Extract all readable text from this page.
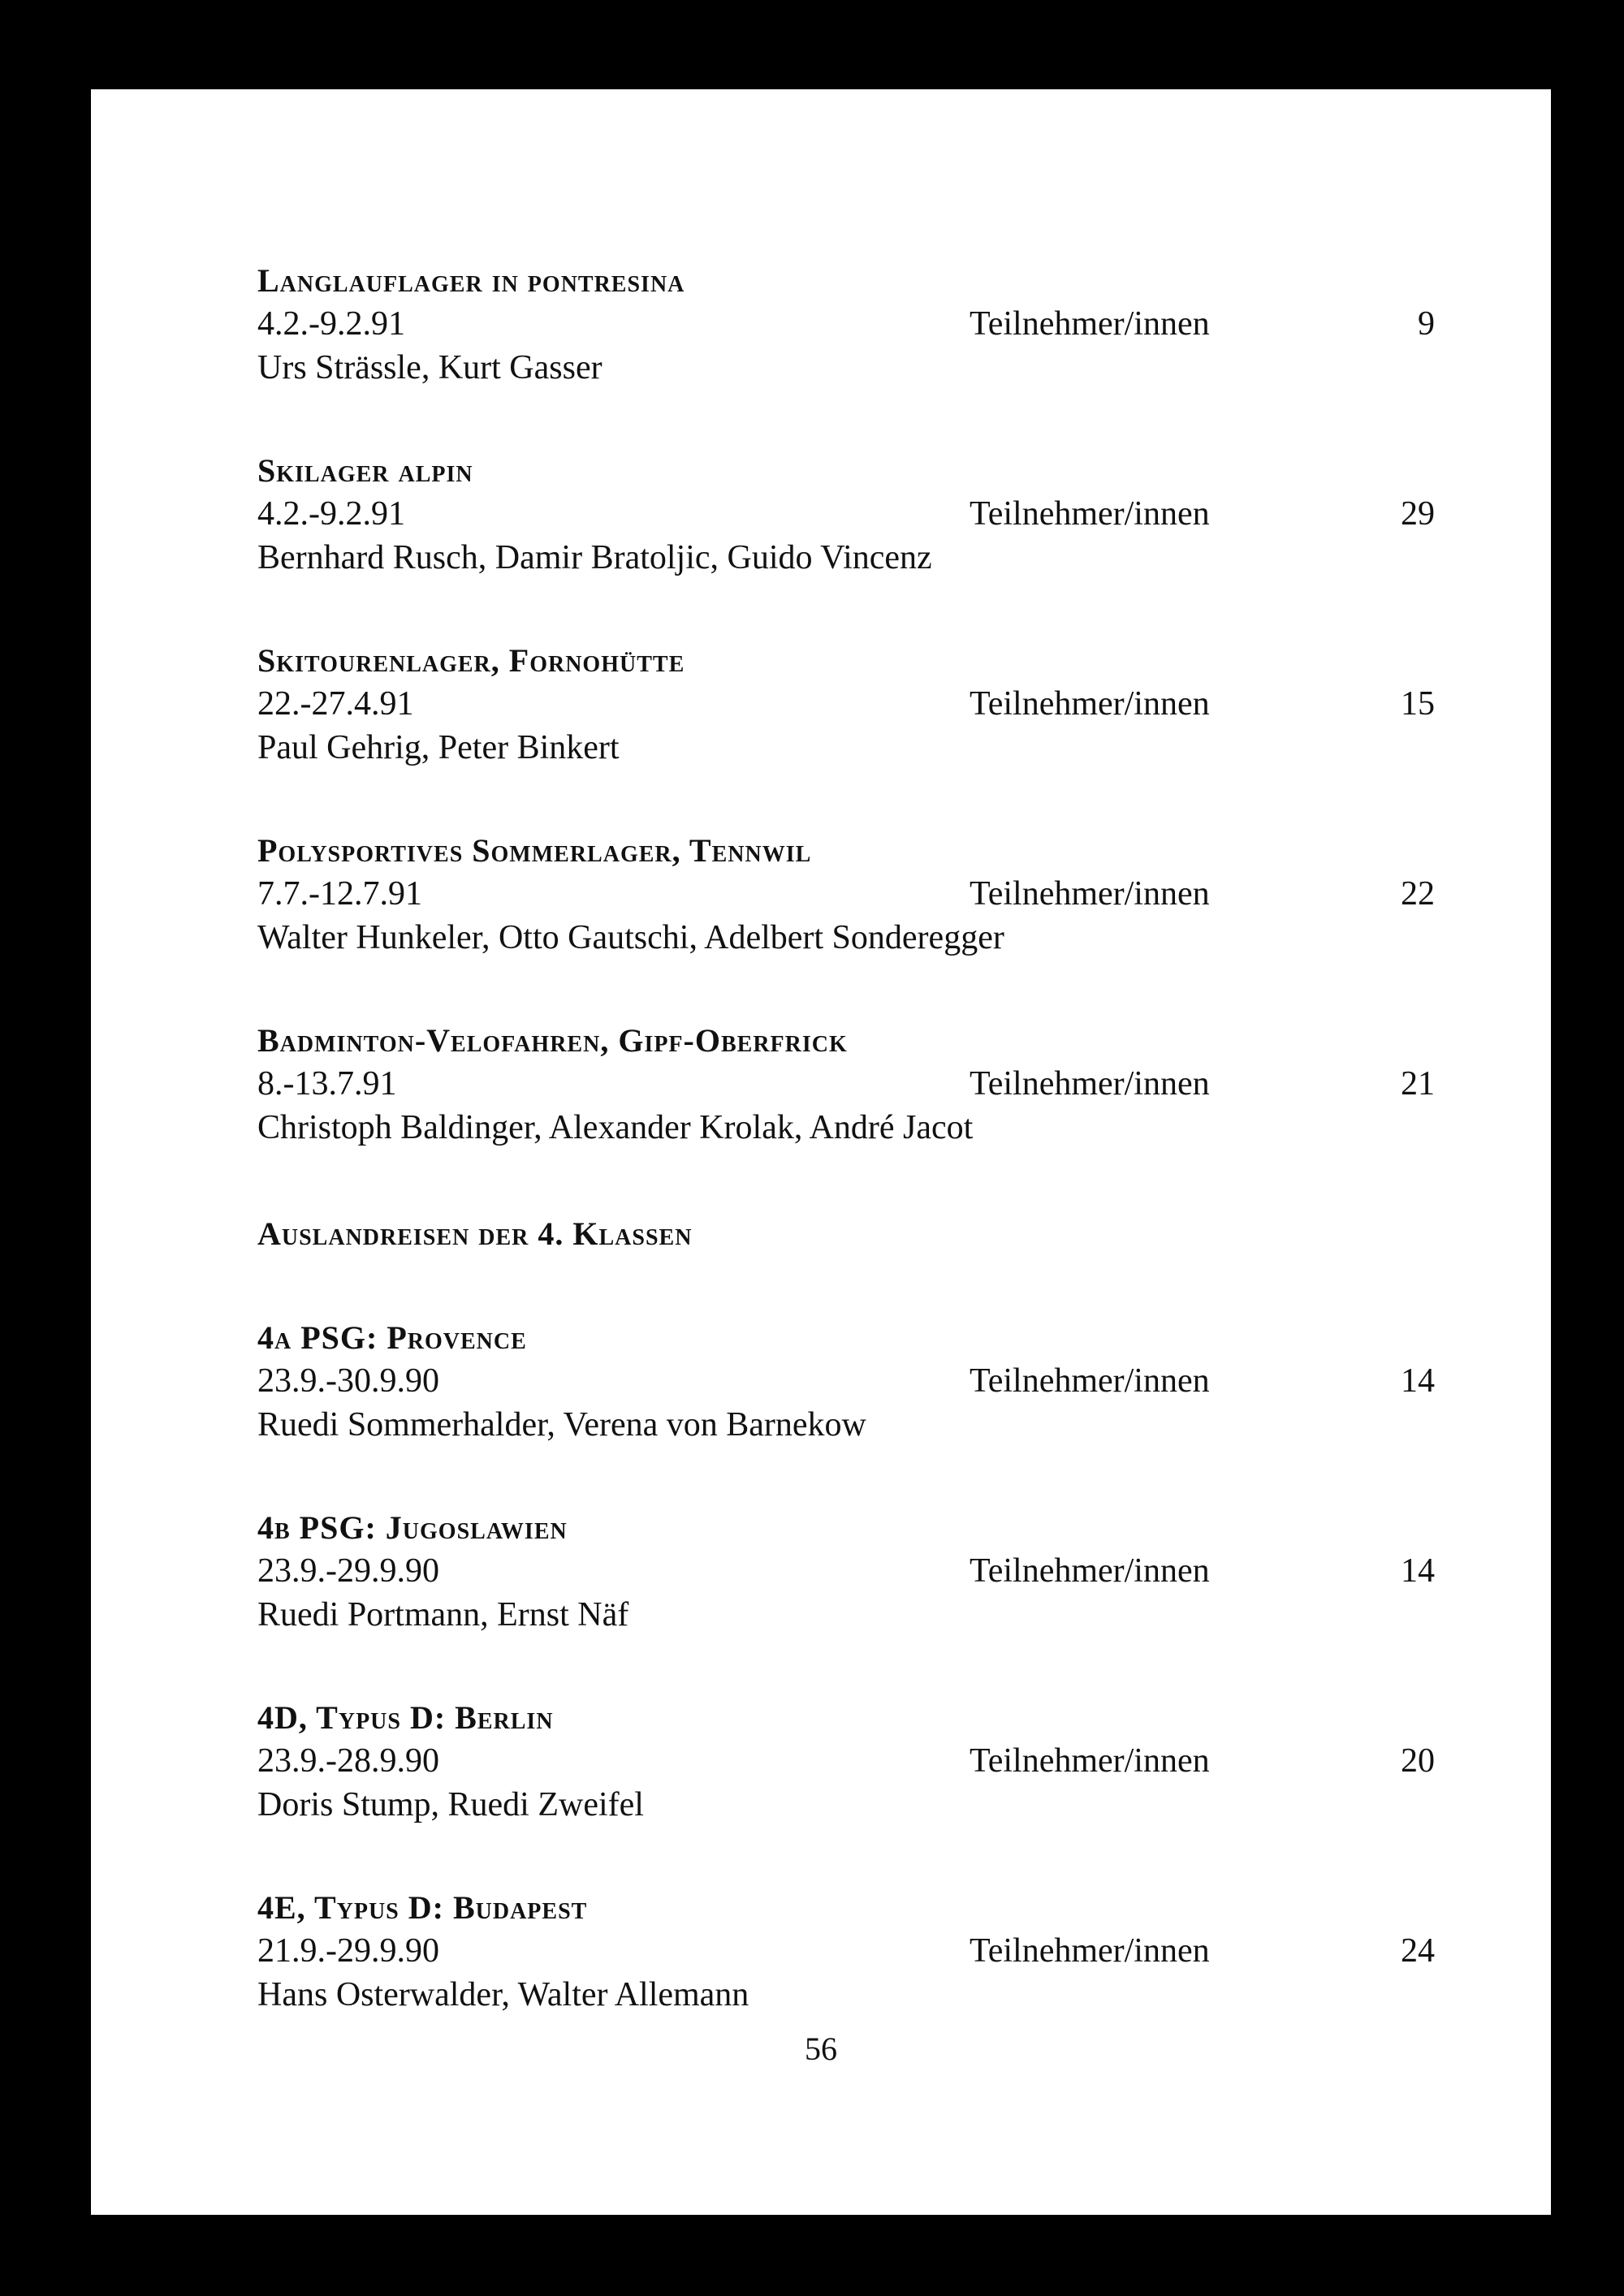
Langlauflager in pontresina
4.2.-9.2.91	Teilnehmer/innen	9
Urs Strässle, Kurt Gasser
Skilager alpin
4.2.-9.2.91	Teilnehmer/innen	29
Bernhard Rusch, Damir Bratoljic, Guido Vincenz
Skitourenlager, Fornohütte
22.-27.4.91	Teilnehmer/innen	15
Paul Gehrig, Peter Binkert
Polysportives Sommerlager, Tennwil
7.7.-12.7.91	Teilnehmer/innen	22
Walter Hunkeler, Otto Gautschi, Adelbert Sonderegger
Badminton-Velofahren, Gipf-Oberfrick
8.-13.7.91	Teilnehmer/innen	21
Christoph Baldinger, Alexander Krolak, André Jacot
Auslandreisen der 4. Klassen
4a PSG: Provence
23.9.-30.9.90	Teilnehmer/innen	14
Ruedi Sommerhalder, Verena von Barnekow
4b PSG: Jugoslawien
23.9.-29.9.90	Teilnehmer/innen	14
Ruedi Portmann, Ernst Näf
4D, Typus D: Berlin
23.9.-28.9.90	Teilnehmer/innen	20
Doris Stump, Ruedi Zweifel
4E, Typus D: Budapest
21.9.-29.9.90	Teilnehmer/innen	24
Hans Osterwalder, Walter Allemann
56
